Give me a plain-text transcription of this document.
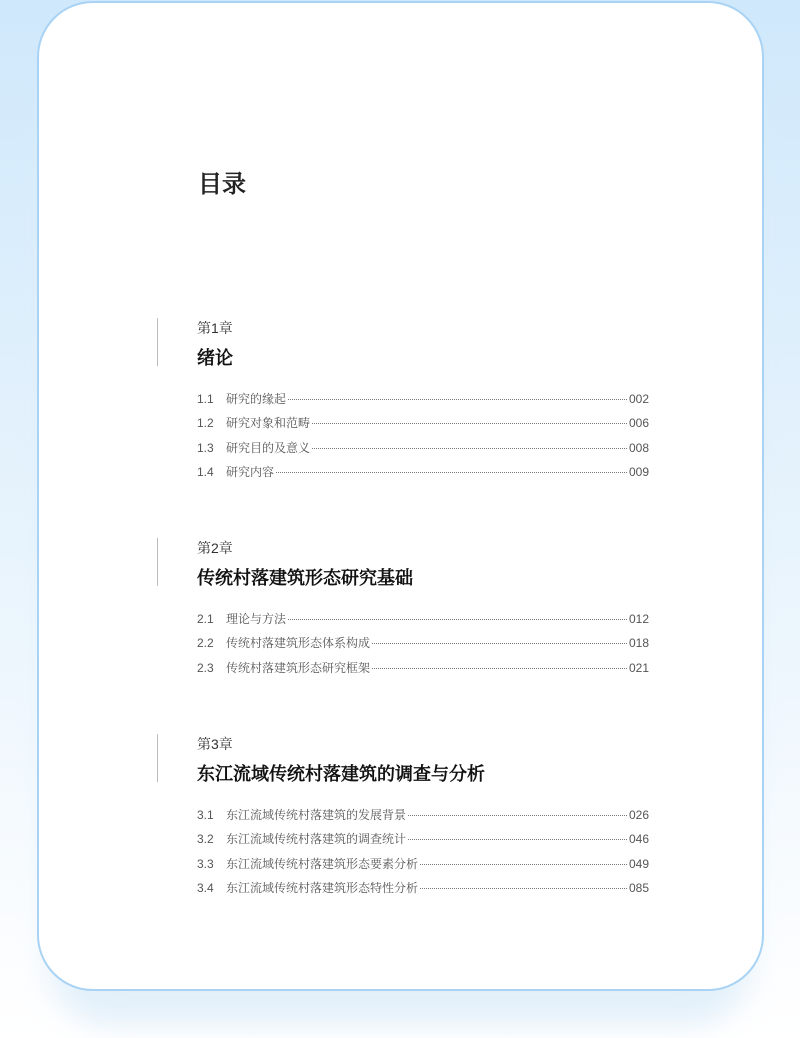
目录
第1章
绪论
1.1	研究的缘起	002
1.2	研究对象和范畴	006
1.3	研究目的及意义	008
1.4	研究内容	009
第2章
传统村落建筑形态研究基础
2.1	理论与方法	012
2.2	传统村落建筑形态体系构成	018
2.3	传统村落建筑形态研究框架	021
第3章
东江流域传统村落建筑的调查与分析
3.1	东江流域传统村落建筑的发展背景	026
3.2	东江流域传统村落建筑的调查统计	046
3.3	东江流域传统村落建筑形态要素分析	049
3.4	东江流域传统村落建筑形态特性分析	085
